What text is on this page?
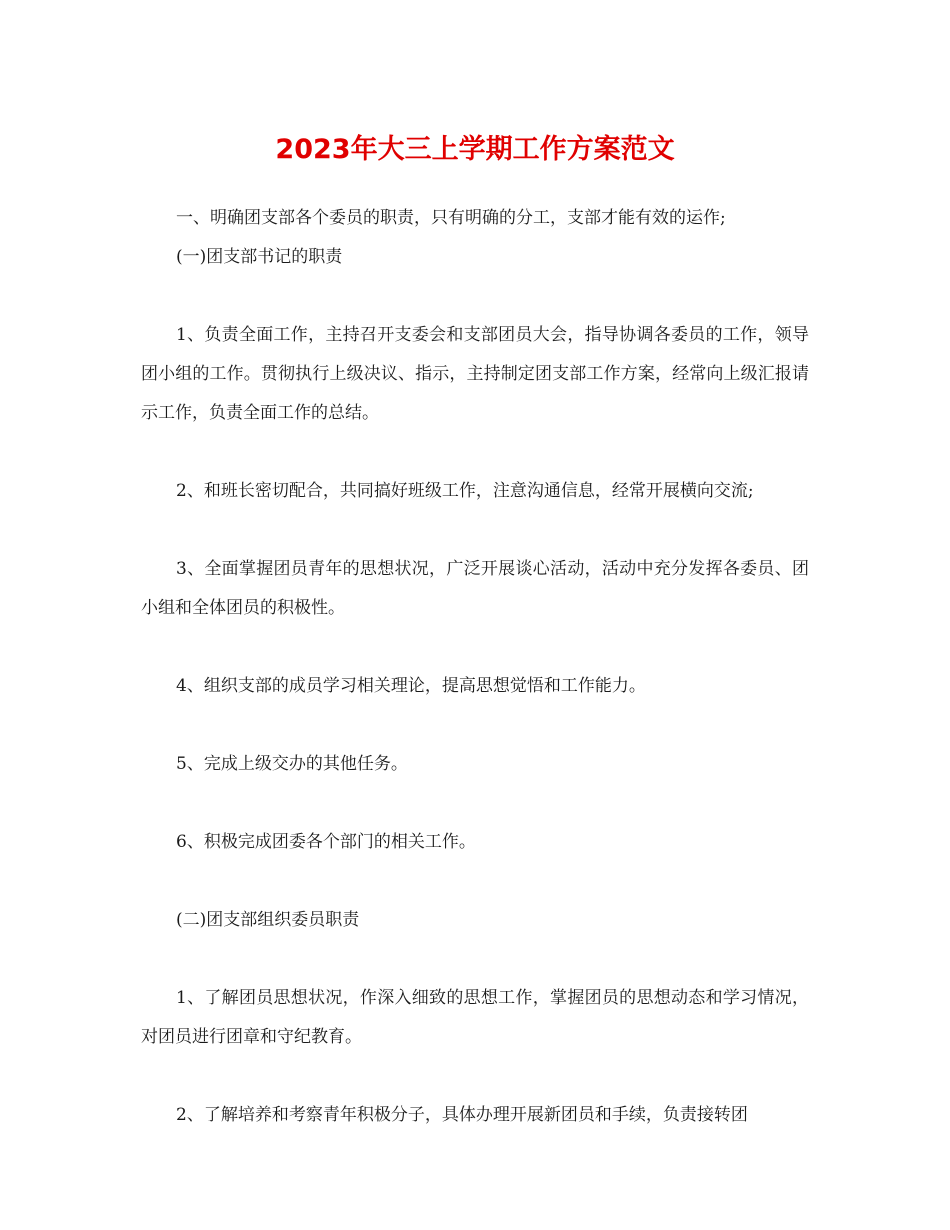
2023年大三上学期工作方案范文

一、明确团支部各个委员的职责，只有明确的分工，支部才能有效的运作;

(一)团支部书记的职责

1、负责全面工作，主持召开支委会和支部团员大会，指导协调各委员的工作，领导团小组的工作。贯彻执行上级决议、指示，主持制定团支部工作方案，经常向上级汇报请示工作，负责全面工作的总结。

2、和班长密切配合，共同搞好班级工作，注意沟通信息，经常开展横向交流;

3、全面掌握团员青年的思想状况，广泛开展谈心活动，活动中充分发挥各委员、团小组和全体团员的积极性。

4、组织支部的成员学习相关理论，提高思想觉悟和工作能力。

5、完成上级交办的其他任务。

6、积极完成团委各个部门的相关工作。

(二)团支部组织委员职责

1、了解团员思想状况，作深入细致的思想工作，掌握团员的思想动态和学习情况，对团员进行团章和守纪教育。

2、了解培养和考察青年积极分子，具体办理开展新团员和手续，负责接转团
